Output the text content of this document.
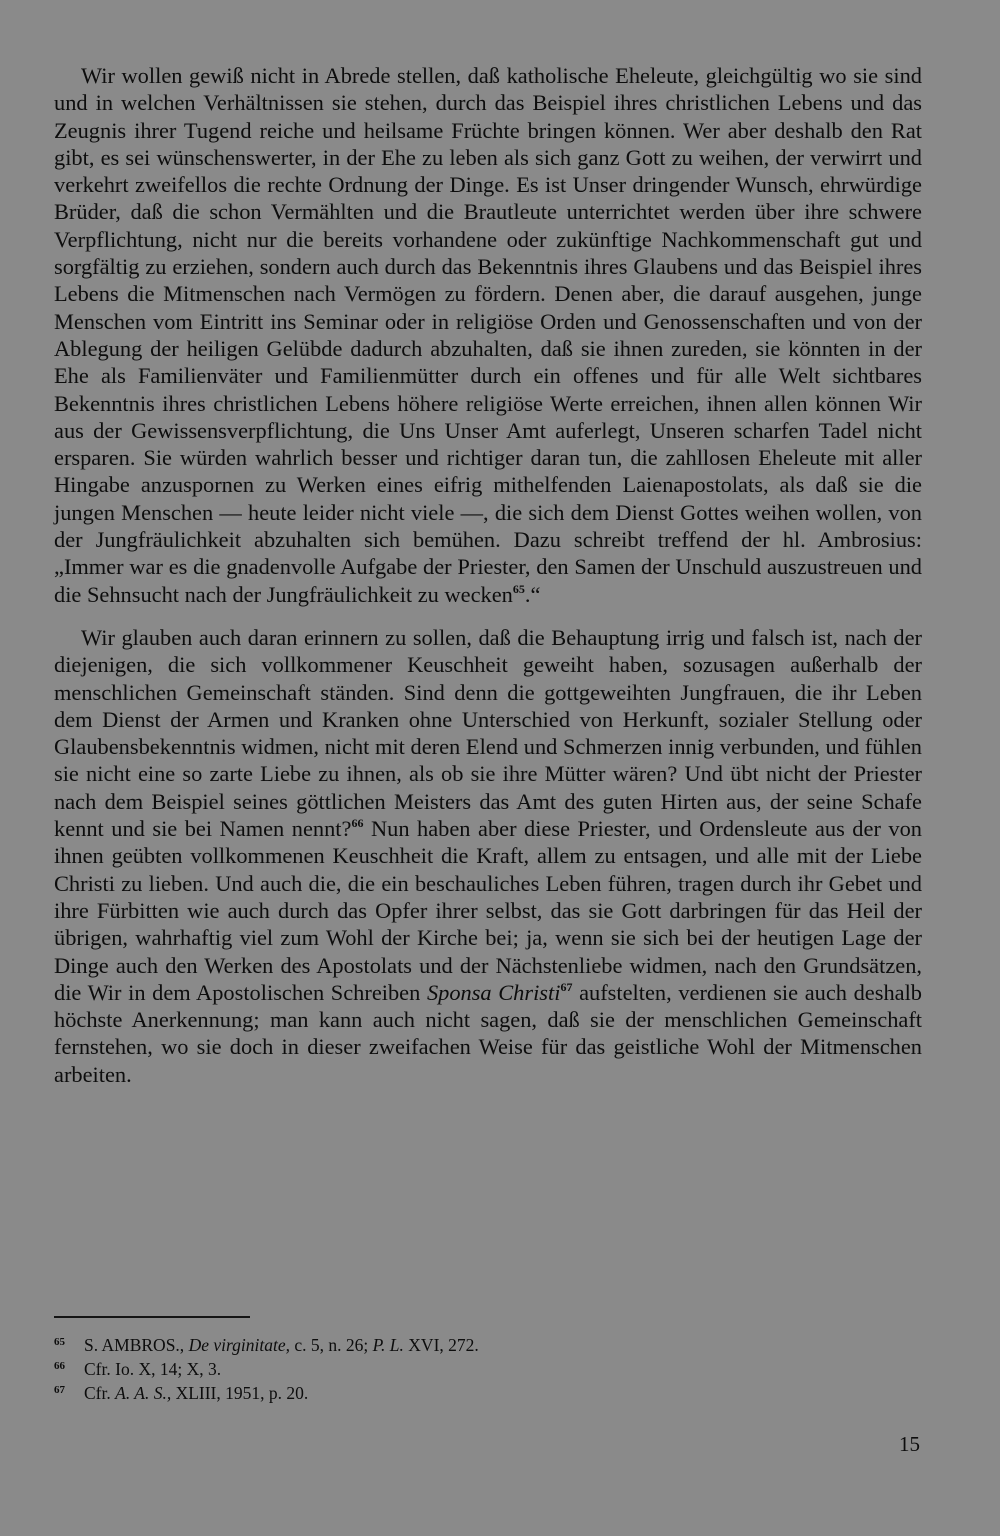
Wir wollen gewiß nicht in Abrede stellen, daß katholische Eheleute, gleichgültig wo sie sind und in welchen Verhältnissen sie stehen, durch das Beispiel ihres christlichen Lebens und das Zeugnis ihrer Tugend reiche und heilsame Früchte bringen können. Wer aber deshalb den Rat gibt, es sei wünschenswerter, in der Ehe zu leben als sich ganz Gott zu weihen, der verwirrt und verkehrt zweifellos die rechte Ordnung der Dinge. Es ist Unser dringender Wunsch, ehrwürdige Brüder, daß die schon Vermählten und die Brautleute unterrichtet werden über ihre schwere Verpflichtung, nicht nur die bereits vorhandene oder zukünftige Nachkommenschaft gut und sorgfältig zu erziehen, sondern auch durch das Bekenntnis ihres Glaubens und das Beispiel ihres Lebens die Mitmenschen nach Vermögen zu fördern. Denen aber, die darauf ausgehen, junge Menschen vom Eintritt ins Seminar oder in religiöse Orden und Genossenschaften und von der Ablegung der heiligen Gelübde dadurch abzuhalten, daß sie ihnen zureden, sie könnten in der Ehe als Familienväter und Familienmütter durch ein offenes und für alle Welt sichtbares Bekenntnis ihres christlichen Lebens höhere religiöse Werte erreichen, ihnen allen können Wir aus der Gewissensverpflichtung, die Uns Unser Amt auferlegt, Unseren scharfen Tadel nicht ersparen. Sie würden wahrlich besser und richtiger daran tun, die zahllosen Eheleute mit aller Hingabe anzuspornen zu Werken eines eifrig mithelfenden Laienapostolats, als daß sie die jungen Menschen — heute leider nicht viele —, die sich dem Dienst Gottes weihen wollen, von der Jungfräulichkeit abzuhalten sich bemühen. Dazu schreibt treffend der hl. Ambrosius: „Immer war es die gnadenvolle Aufgabe der Priester, den Samen der Unschuld auszustreuen und die Sehnsucht nach der Jungfräulichkeit zu wecken$^{65}$.“

Wir glauben auch daran erinnern zu sollen, daß die Behauptung irrig und falsch ist, nach der diejenigen, die sich vollkommener Keuschheit geweiht haben, sozusagen außerhalb der menschlichen Gemeinschaft ständen. Sind denn die gottgeweihten Jungfrauen, die ihr Leben dem Dienst der Armen und Kranken ohne Unterschied von Herkunft, sozialer Stellung oder Glaubensbekenntnis widmen, nicht mit deren Elend und Schmerzen innig verbunden, und fühlen sie nicht eine so zarte Liebe zu ihnen, als ob sie ihre Mütter wären? Und übt nicht der Priester nach dem Beispiel seines göttlichen Meisters das Amt des guten Hirten aus, der seine Schafe kennt und sie bei Namen nennt?$^{66}$ Nun haben aber diese Priester, und Ordensleute aus der von ihnen geübten vollkommenen Keuschheit die Kraft, allem zu entsagen, und alle mit der Liebe Christi zu lieben. Und auch die, die ein beschauliches Leben führen, tragen durch ihr Gebet und ihre Fürbitten wie auch durch das Opfer ihrer selbst, das sie Gott darbringen für das Heil der übrigen, wahrhaftig viel zum Wohl der Kirche bei; ja, wenn sie sich bei der heutigen Lage der Dinge auch den Werken des Apostolats und der Nächstenliebe widmen, nach den Grundsätzen, die Wir in dem Apostolischen Schreiben Sponsa Christi$^{67}$ aufstelten, verdienen sie auch deshalb höchste Anerkennung; man kann auch nicht sagen, daß sie der menschlichen Gemeinschaft fernstehen, wo sie doch in dieser zweifachen Weise für das geistliche Wohl der Mitmenschen arbeiten.

65 S. AMBROS., De virginitate, c. 5, n. 26; P. L. XVI, 272.
66 Cfr. Io. X, 14; X, 3.
67 Cfr. A. A. S., XLIII, 1951, p. 20.
15
